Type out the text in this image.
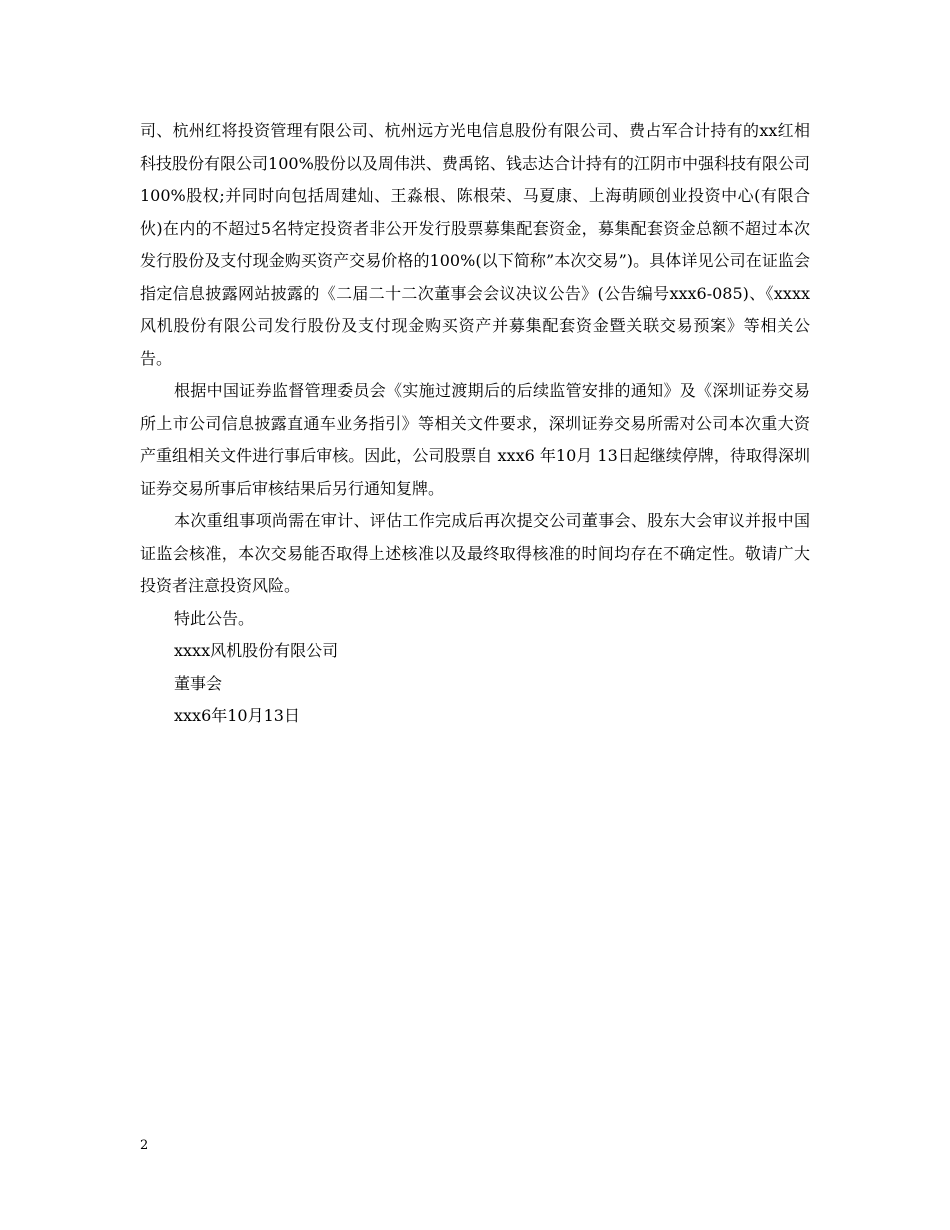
司、杭州红将投资管理有限公司、杭州远方光电信息股份有限公司、费占军合计持有的xx红相科技股份有限公司100%股份以及周伟洪、费禹铭、钱志达合计持有的江阴市中强科技有限公司100%股权;并同时向包括周建灿、王淼根、陈根荣、马夏康、上海萌顾创业投资中心(有限合伙)在内的不超过5名特定投资者非公开发行股票募集配套资金，募集配套资金总额不超过本次发行股份及支付现金购买资产交易价格的100%(以下简称”本次交易”)。具体详见公司在证监会指定信息披露网站披露的《二届二十二次董事会会议决议公告》(公告编号xxx6-085)、《xxxx风机股份有限公司发行股份及支付现金购买资产并募集配套资金暨关联交易预案》等相关公告。

根据中国证券监督管理委员会《实施过渡期后的后续监管安排的通知》及《深圳证券交易所上市公司信息披露直通车业务指引》等相关文件要求，深圳证券交易所需对公司本次重大资产重组相关文件进行事后审核。因此，公司股票自 xxx6 年10月 13日起继续停牌，待取得深圳证券交易所事后审核结果后另行通知复牌。

本次重组事项尚需在审计、评估工作完成后再次提交公司董事会、股东大会审议并报中国证监会核准，本次交易能否取得上述核准以及最终取得核准的时间均存在不确定性。敬请广大投资者注意投资风险。

特此公告。

xxxx风机股份有限公司

董事会

xxx6年10月13日

2
